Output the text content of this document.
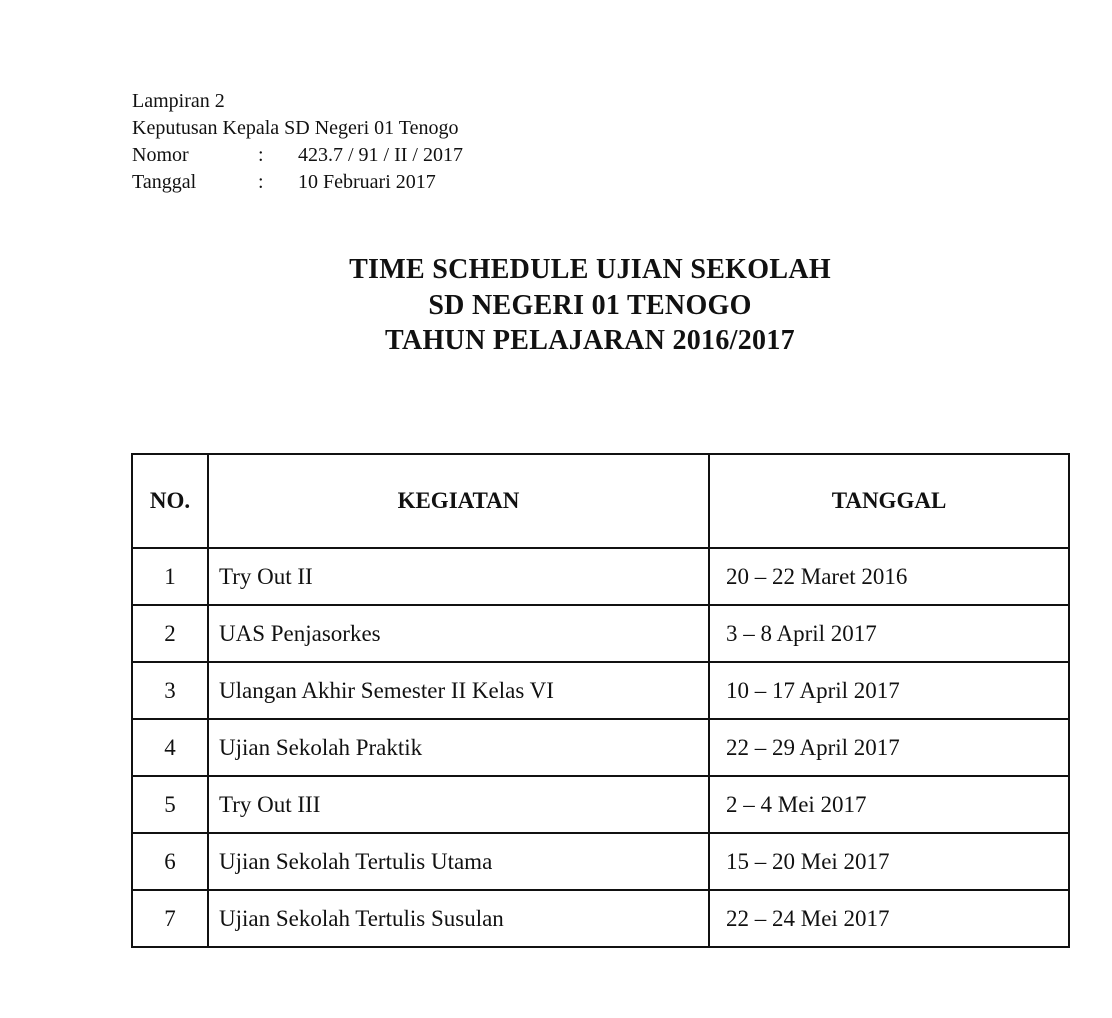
Lampiran 2
Keputusan Kepala SD Negeri 01 Tenogo
Nomor	:	423.7 / 91 / II / 2017
Tanggal	:	10 Februari 2017
TIME SCHEDULE UJIAN SEKOLAH
SD NEGERI 01 TENOGO
TAHUN PELAJARAN 2016/2017
NO.	KEGIATAN	TANGGAL
1	Try Out II	20 – 22 Maret 2016
2	UAS Penjasorkes	3 – 8 April 2017
3	Ulangan Akhir Semester II Kelas VI	10 – 17 April 2017
4	Ujian Sekolah Praktik	22 – 29 April 2017
5	Try Out III	2 – 4 Mei 2017
6	Ujian Sekolah Tertulis Utama	15 – 20 Mei 2017
7	Ujian Sekolah Tertulis Susulan	22 – 24 Mei 2017
